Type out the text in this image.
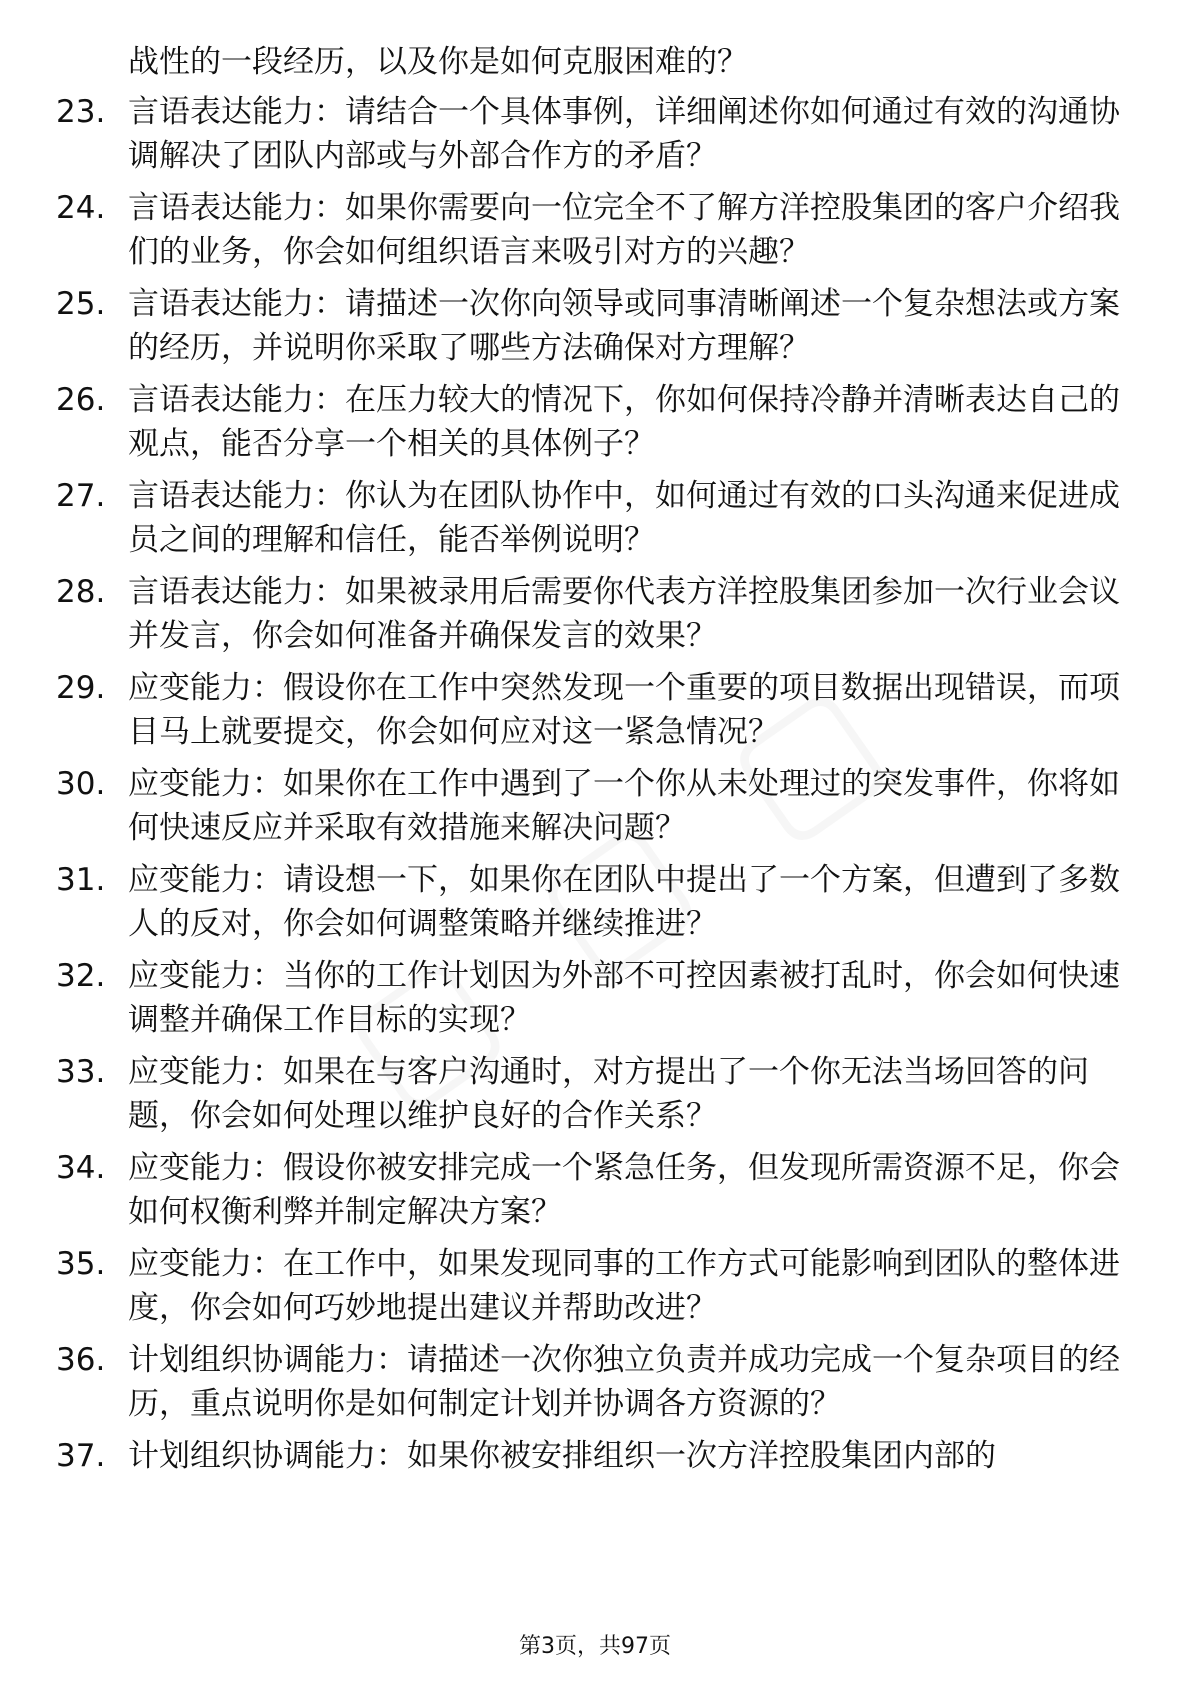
战性的一段经历，以及你是如何克服困难的？
23. 言语表达能力：请结合一个具体事例，详细阐述你如何通过有效的沟通协调解决了团队内部或与外部合作方的矛盾？
24. 言语表达能力：如果你需要向一位完全不了解方洋控股集团的客户介绍我们的业务，你会如何组织语言来吸引对方的兴趣？
25. 言语表达能力：请描述一次你向领导或同事清晰阐述一个复杂想法或方案的经历，并说明你采取了哪些方法确保对方理解？
26. 言语表达能力：在压力较大的情况下，你如何保持冷静并清晰表达自己的观点，能否分享一个相关的具体例子？
27. 言语表达能力：你认为在团队协作中，如何通过有效的口头沟通来促进成员之间的理解和信任，能否举例说明？
28. 言语表达能力：如果被录用后需要你代表方洋控股集团参加一次行业会议并发言，你会如何准备并确保发言的效果？
29. 应变能力：假设你在工作中突然发现一个重要的项目数据出现错误，而项目马上就要提交，你会如何应对这一紧急情况？
30. 应变能力：如果你在工作中遇到了一个你从未处理过的突发事件，你将如何快速反应并采取有效措施来解决问题？
31. 应变能力：请设想一下，如果你在团队中提出了一个方案，但遭到了多数人的反对，你会如何调整策略并继续推进？
32. 应变能力：当你的工作计划因为外部不可控因素被打乱时，你会如何快速调整并确保工作目标的实现？
33. 应变能力：如果在与客户沟通时，对方提出了一个你无法当场回答的问题，你会如何处理以维护良好的合作关系？
34. 应变能力：假设你被安排完成一个紧急任务，但发现所需资源不足，你会如何权衡利弊并制定解决方案？
35. 应变能力：在工作中，如果发现同事的工作方式可能影响到团队的整体进度，你会如何巧妙地提出建议并帮助改进？
36. 计划组织协调能力：请描述一次你独立负责并成功完成一个复杂项目的经历，重点说明你是如何制定计划并协调各方资源的？
37. 计划组织协调能力：如果你被安排组织一次方洋控股集团内部的
第3页，共97页
